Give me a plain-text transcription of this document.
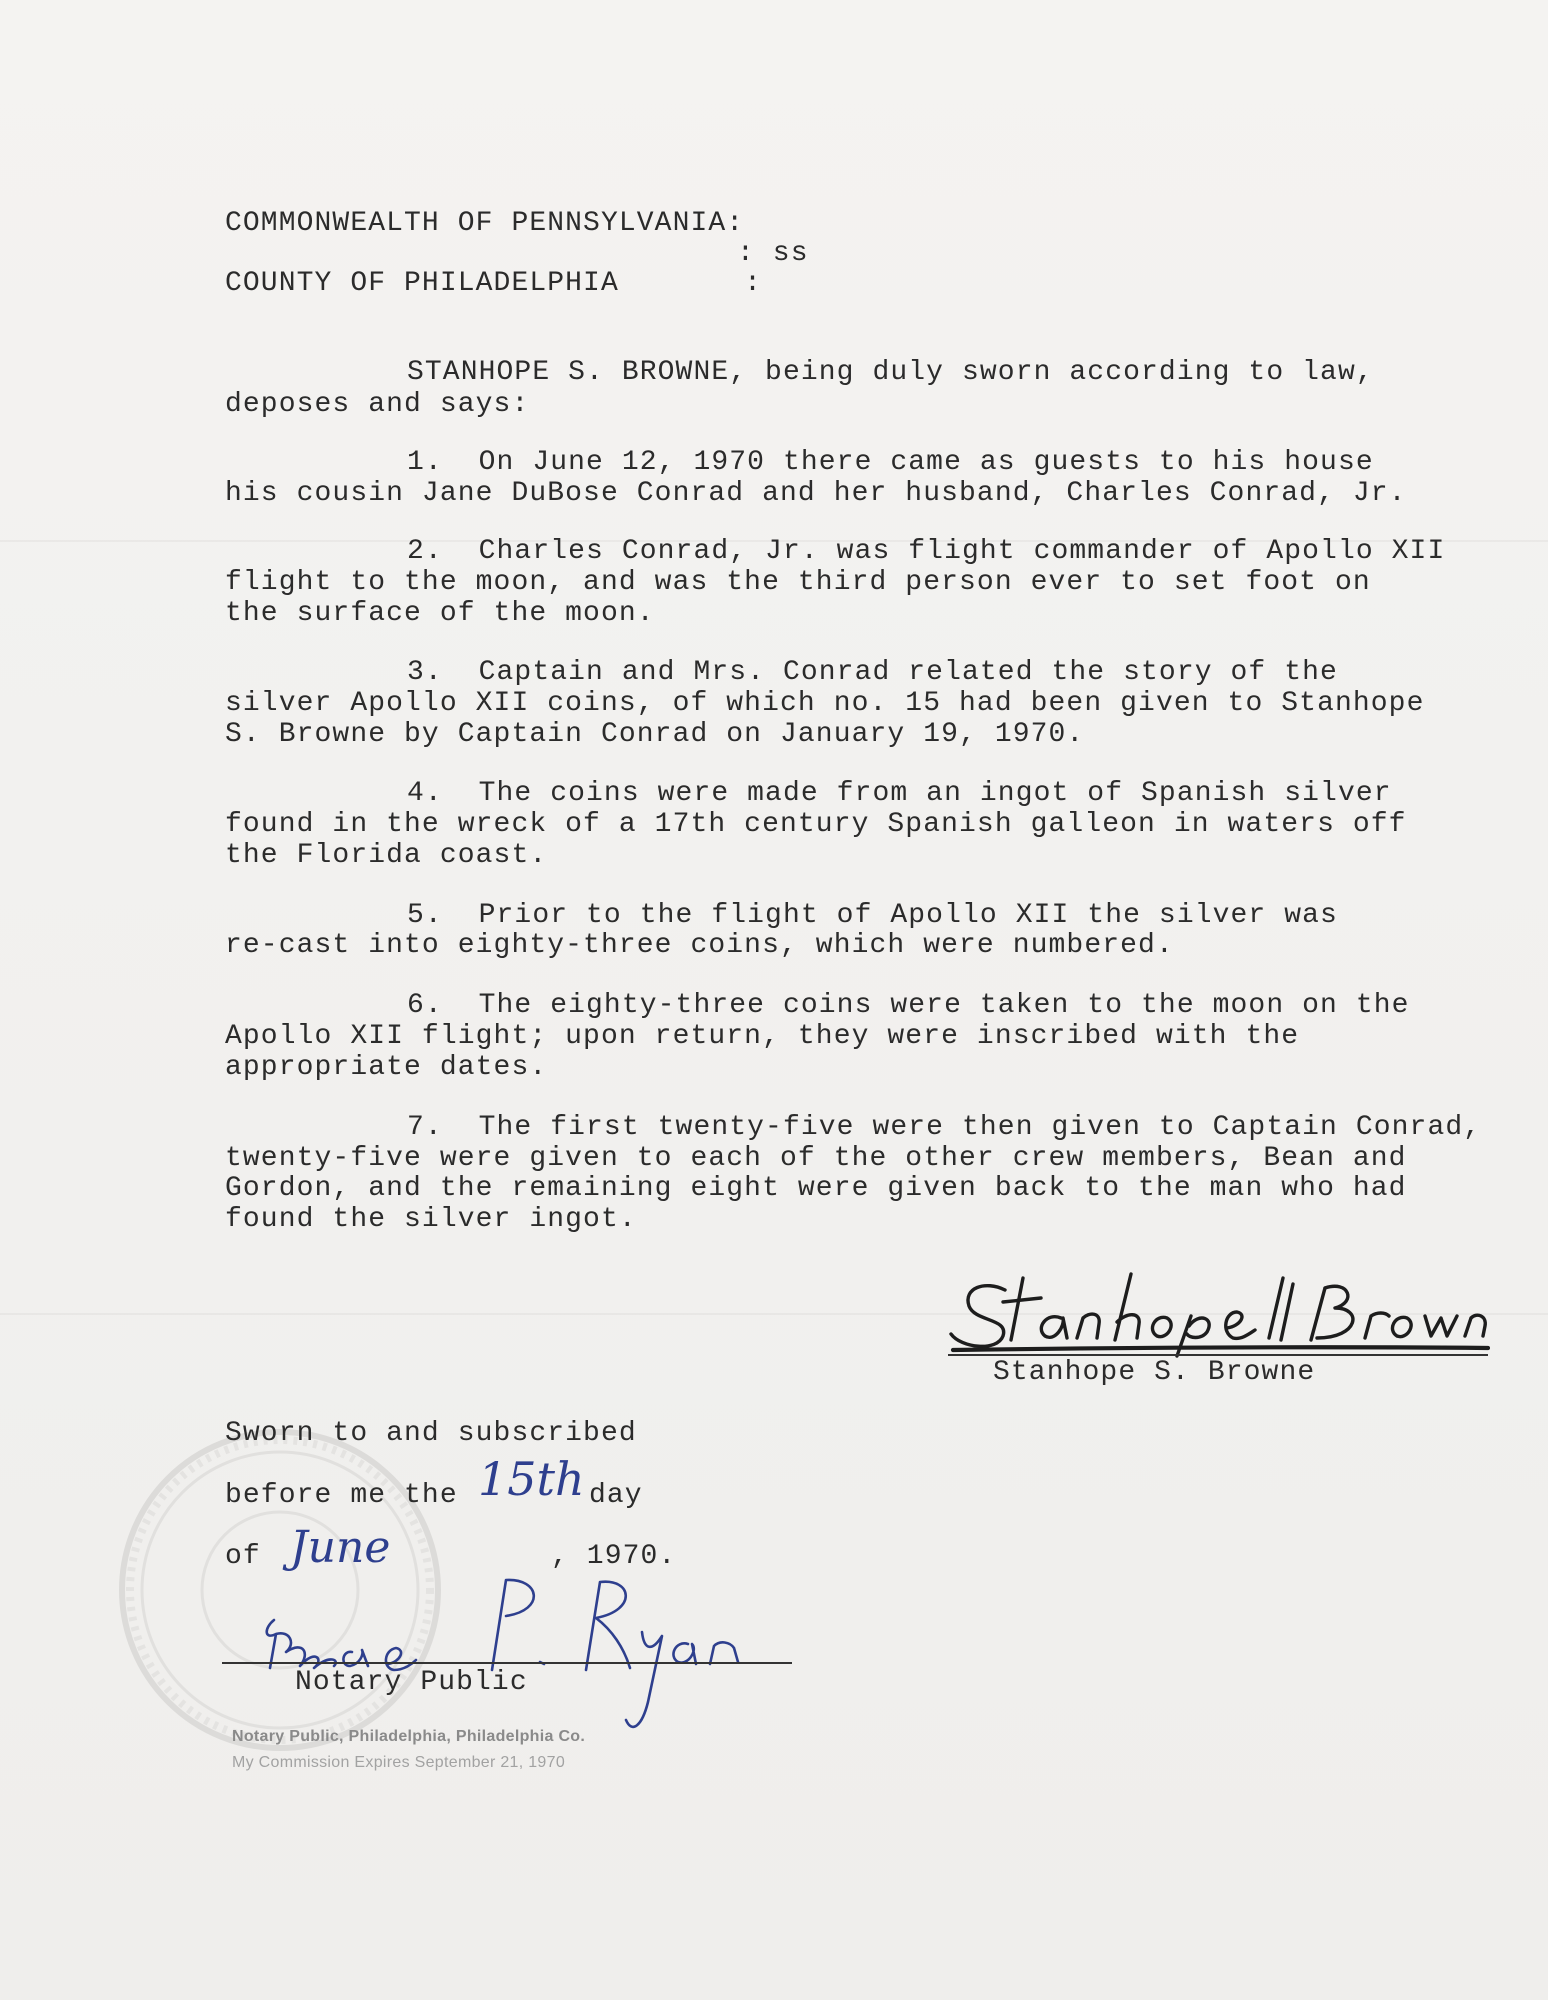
COMMONWEALTH OF PENNSYLVANIA:
: ss
COUNTY OF PHILADELPHIA       :
STANHOPE S. BROWNE, being duly sworn according to law,
deposes and says:
1.  On June 12, 1970 there came as guests to his house
his cousin Jane DuBose Conrad and her husband, Charles Conrad, Jr.
2.  Charles Conrad, Jr. was flight commander of Apollo XII
flight to the moon, and was the third person ever to set foot on
the surface of the moon.
3.  Captain and Mrs. Conrad related the story of the
silver Apollo XII coins, of which no. 15 had been given to Stanhope
S. Browne by Captain Conrad on January 19, 1970.
4.  The coins were made from an ingot of Spanish silver
found in the wreck of a 17th century Spanish galleon in waters off
the Florida coast.
5.  Prior to the flight of Apollo XII the silver was
re-cast into eighty-three coins, which were numbered.
6.  The eighty-three coins were taken to the moon on the
Apollo XII flight; upon return, they were inscribed with the
appropriate dates.
7.  The first twenty-five were then given to Captain Conrad,
twenty-five were given to each of the other crew members, Bean and
Gordon, and the remaining eight were given back to the man who had
found the silver ingot.
Stanhope S. Browne
Sworn to and subscribed
before me the 15th day
of June	, 1970.
Notary Public
Notary Public, Philadelphia, Philadelphia Co.
My Commission Expires September 21, 1970
